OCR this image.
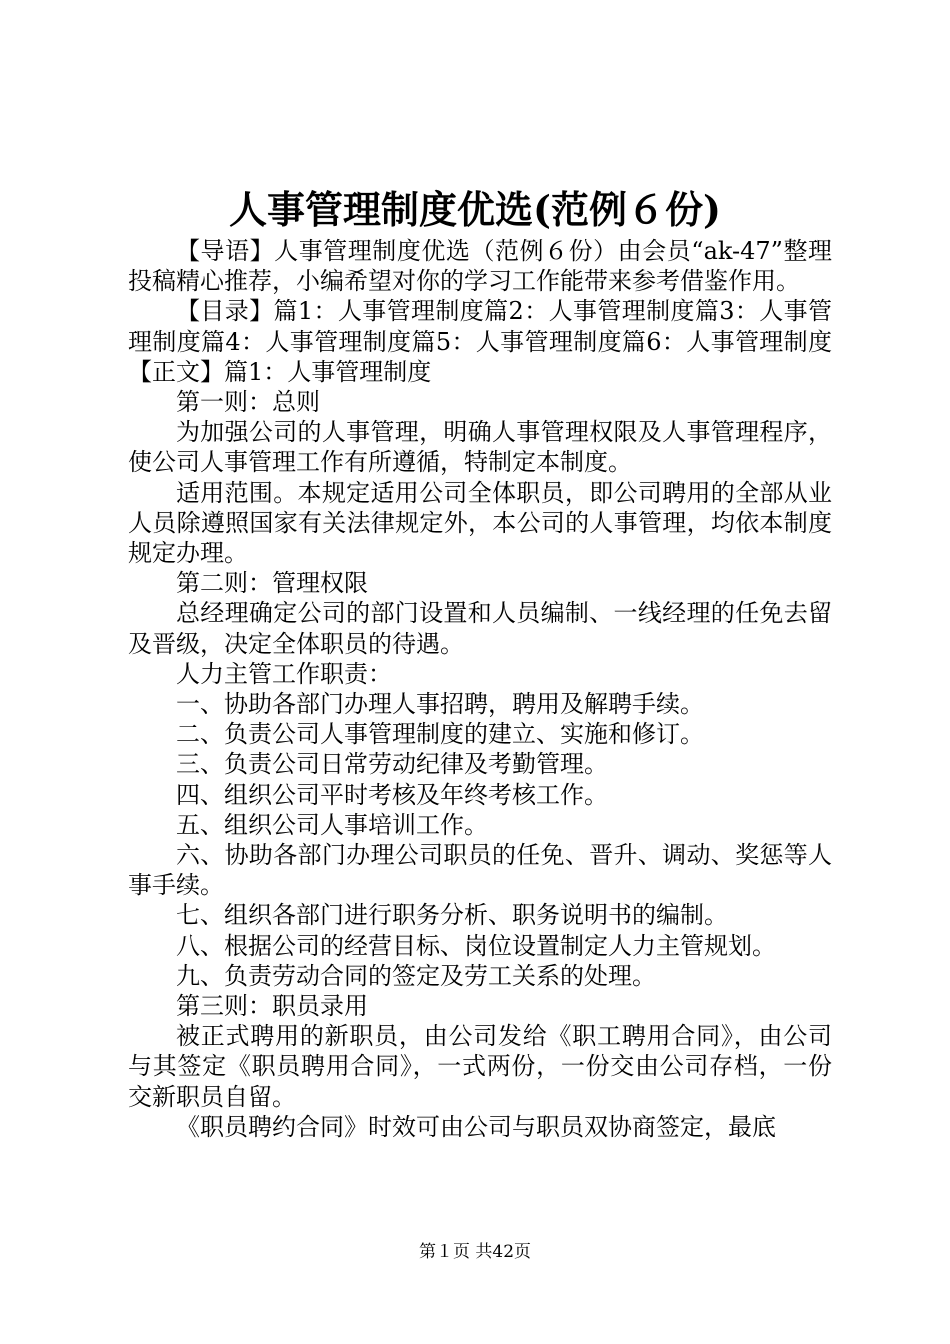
人事管理制度优选(范例６份)

【导语】人事管理制度优选（范例６份）由会员“ak-47”整理投稿精心推荐，小编希望对你的学习工作能带来参考借鉴作用。

【目录】篇1：人事管理制度篇2：人事管理制度篇3：人事管理制度篇4：人事管理制度篇5：人事管理制度篇6：人事管理制度【正文】篇1：人事管理制度

第一则：总则

为加强公司的人事管理，明确人事管理权限及人事管理程序，使公司人事管理工作有所遵循，特制定本制度。

适用范围。本规定适用公司全体职员，即公司聘用的全部从业人员除遵照国家有关法律规定外，本公司的人事管理，均依本制度规定办理。

第二则：管理权限

总经理确定公司的部门设置和人员编制、一线经理的任免去留及晋级，决定全体职员的待遇。

人力主管工作职责：

一、协助各部门办理人事招聘，聘用及解聘手续。

二、负责公司人事管理制度的建立、实施和修订。

三、负责公司日常劳动纪律及考勤管理。

四、组织公司平时考核及年终考核工作。

五、组织公司人事培训工作。

六、协助各部门办理公司职员的任免、晋升、调动、奖惩等人事手续。

七、组织各部门进行职务分析、职务说明书的编制。

八、根据公司的经营目标、岗位设置制定人力主管规划。

九、负责劳动合同的签定及劳工关系的处理。

第三则：职员录用

被正式聘用的新职员，由公司发给《职工聘用合同》，由公司与其签定《职员聘用合同》，一式两份，一份交由公司存档，一份交新职员自留。

《职员聘约合同》时效可由公司与职员双协商签定，最底

第１页 共42页
